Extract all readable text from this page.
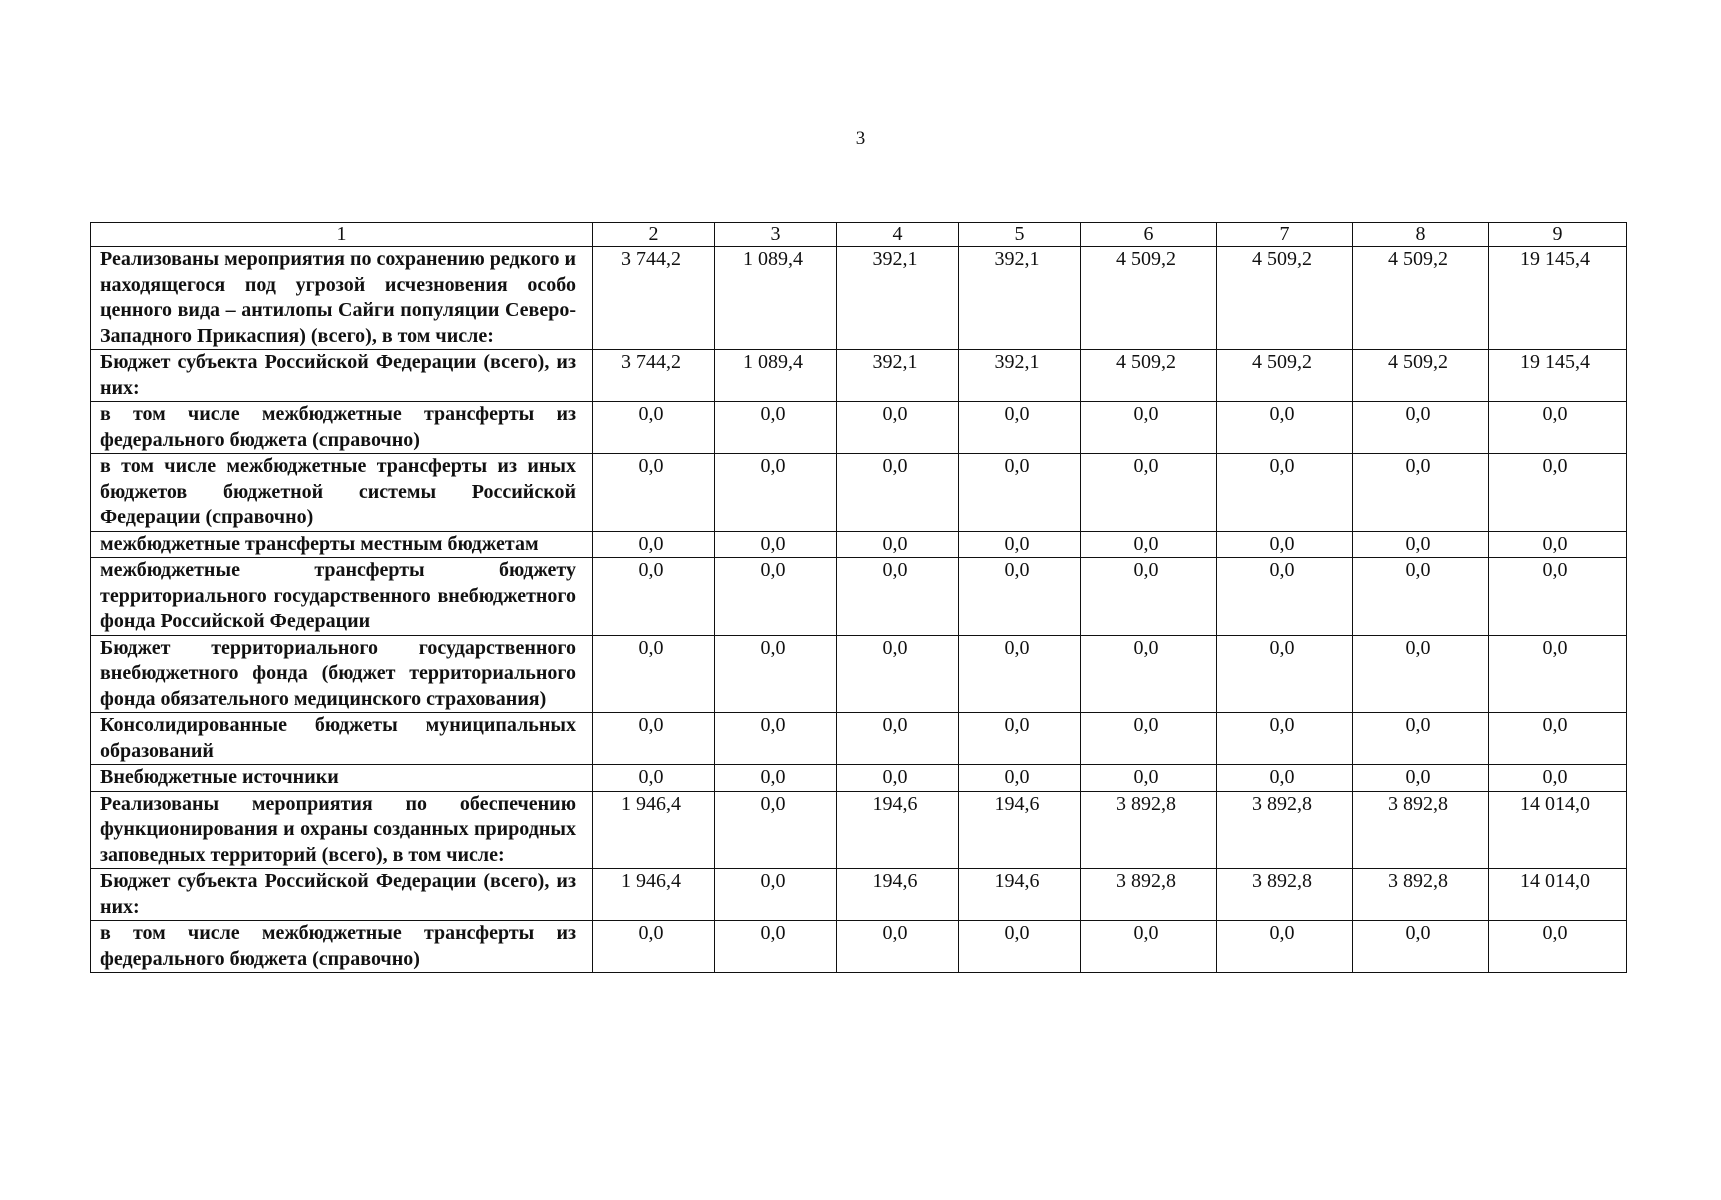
3
1	2	3	4	5	6	7	8	9
Реализованы мероприятия по сохранению редкого и находящегося под угрозой исчезновения особо ценного вида – антилопы Сайги популяции Северо-Западного Прикаспия) (всего), в том числе:	3 744,2	1 089,4	392,1	392,1	4 509,2	4 509,2	4 509,2	19 145,4
Бюджет субъекта Российской Федерации (всего), из них:	3 744,2	1 089,4	392,1	392,1	4 509,2	4 509,2	4 509,2	19 145,4
в том числе межбюджетные трансферты из федерального бюджета (справочно)	0,0	0,0	0,0	0,0	0,0	0,0	0,0	0,0
в том числе межбюджетные трансферты из иных бюджетов бюджетной системы Российской Федерации (справочно)	0,0	0,0	0,0	0,0	0,0	0,0	0,0	0,0
межбюджетные трансферты местным бюджетам	0,0	0,0	0,0	0,0	0,0	0,0	0,0	0,0
межбюджетные трансферты бюджету территориального государственного внебюджетного фонда Российской Федерации	0,0	0,0	0,0	0,0	0,0	0,0	0,0	0,0
Бюджет территориального государственного внебюджетного фонда (бюджет территориального фонда обязательного медицинского страхования)	0,0	0,0	0,0	0,0	0,0	0,0	0,0	0,0
Консолидированные бюджеты муниципальных образований	0,0	0,0	0,0	0,0	0,0	0,0	0,0	0,0
Внебюджетные источники	0,0	0,0	0,0	0,0	0,0	0,0	0,0	0,0
Реализованы мероприятия по обеспечению функционирования и охраны созданных природных заповедных территорий (всего), в том числе:	1 946,4	0,0	194,6	194,6	3 892,8	3 892,8	3 892,8	14 014,0
Бюджет субъекта Российской Федерации (всего), из них:	1 946,4	0,0	194,6	194,6	3 892,8	3 892,8	3 892,8	14 014,0
в том числе межбюджетные трансферты из федерального бюджета (справочно)	0,0	0,0	0,0	0,0	0,0	0,0	0,0	0,0
